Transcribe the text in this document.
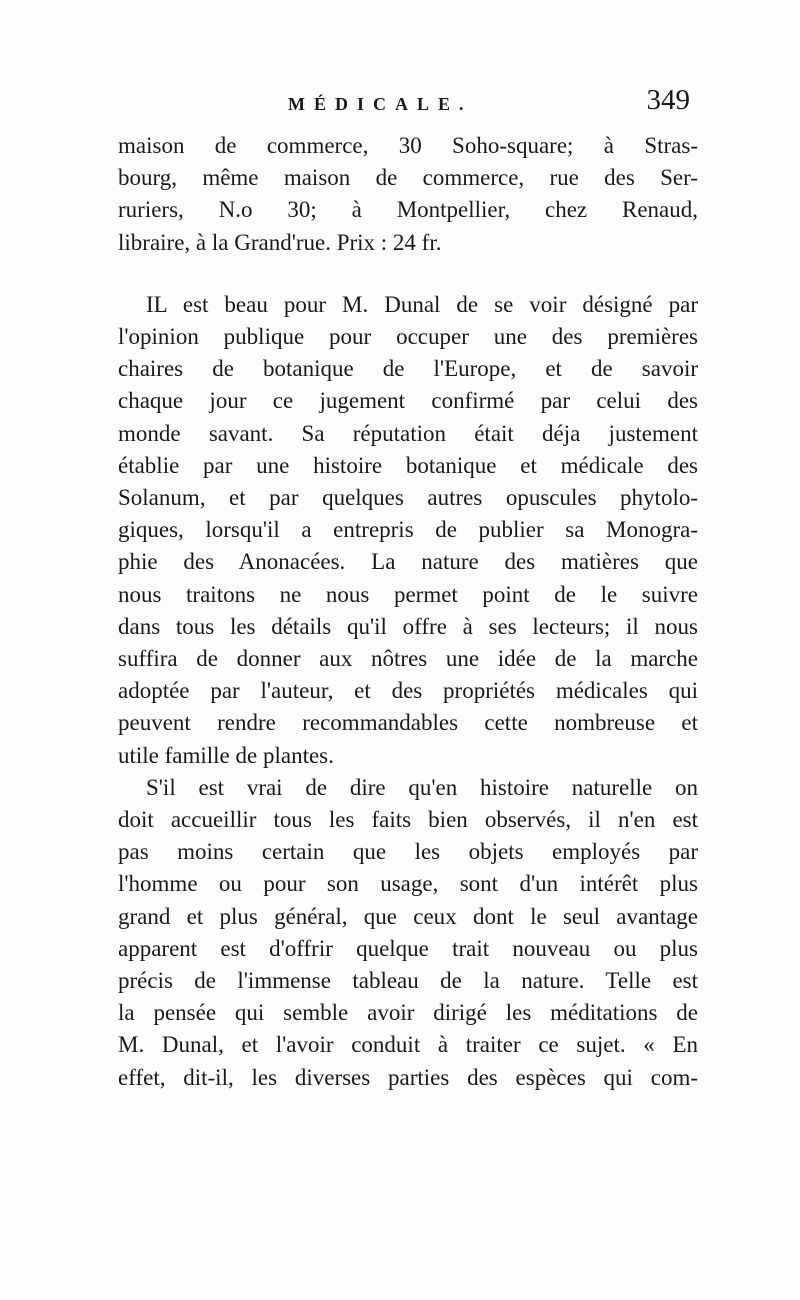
MÉDICALE.	349
maison de commerce, 30 Soho-square; à Stras-
bourg, même maison de commerce, rue des Ser-
ruriers, N.o 30; à Montpellier, chez Renaud,
libraire, à la Grand'rue. Prix : 24 fr.
IL est beau pour M. Dunal de se voir désigné par
l'opinion publique pour occuper une des premières
chaires de botanique de l'Europe, et de savoir
chaque jour ce jugement confirmé par celui des
monde savant. Sa réputation était déja justement
établie par une histoire botanique et médicale des
Solanum, et par quelques autres opuscules phytolo-
giques, lorsqu'il a entrepris de publier sa Monogra-
phie des Anonacées. La nature des matières que
nous traitons ne nous permet point de le suivre
dans tous les détails qu'il offre à ses lecteurs; il nous
suffira de donner aux nôtres une idée de la marche
adoptée par l'auteur, et des propriétés médicales qui
peuvent rendre recommandables cette nombreuse et
utile famille de plantes.
S'il est vrai de dire qu'en histoire naturelle on
doit accueillir tous les faits bien observés, il n'en est
pas moins certain que les objets employés par
l'homme ou pour son usage, sont d'un intérêt plus
grand et plus général, que ceux dont le seul avantage
apparent est d'offrir quelque trait nouveau ou plus
précis de l'immense tableau de la nature. Telle est
la pensée qui semble avoir dirigé les méditations de
M. Dunal, et l'avoir conduit à traiter ce sujet. « En
effet, dit-il, les diverses parties des espèces qui com-
